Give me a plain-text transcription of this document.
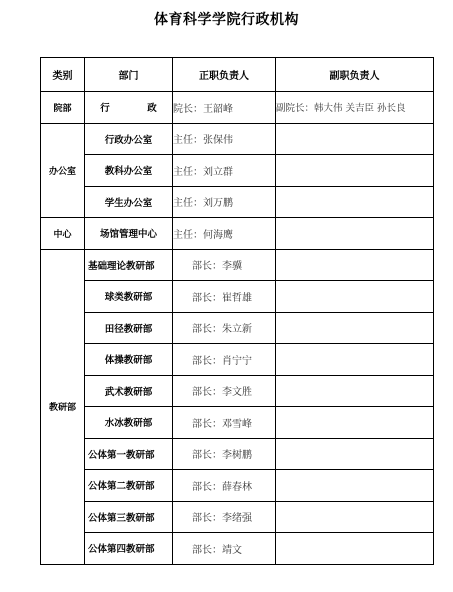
体育科学学院行政机构
类别	部门	正职负责人	副职负责人
院部	行　政	院长：王韶峰	副院长：韩大伟 关吉臣 孙长良
办公室	行政办公室	主任：张保伟	
	教科办公室	主任：刘立群	
	学生办公室	主任：刘万鹏	
中心	场馆管理中心	主任：何海鹰	
教研部	基础理论教研部	部长：李骥	
	球类教研部	部长：崔哲雄	
	田径教研部	部长：朱立新	
	体操教研部	部长：肖宁宁	
	武术教研部	部长：李文胜	
	水冰教研部	部长：邓雪峰	
	公体第一教研部	部长：李树鹏	
	公体第二教研部	部长：薛春林	
	公体第三教研部	部长：李绪强	
	公体第四教研部	部长：靖文	
